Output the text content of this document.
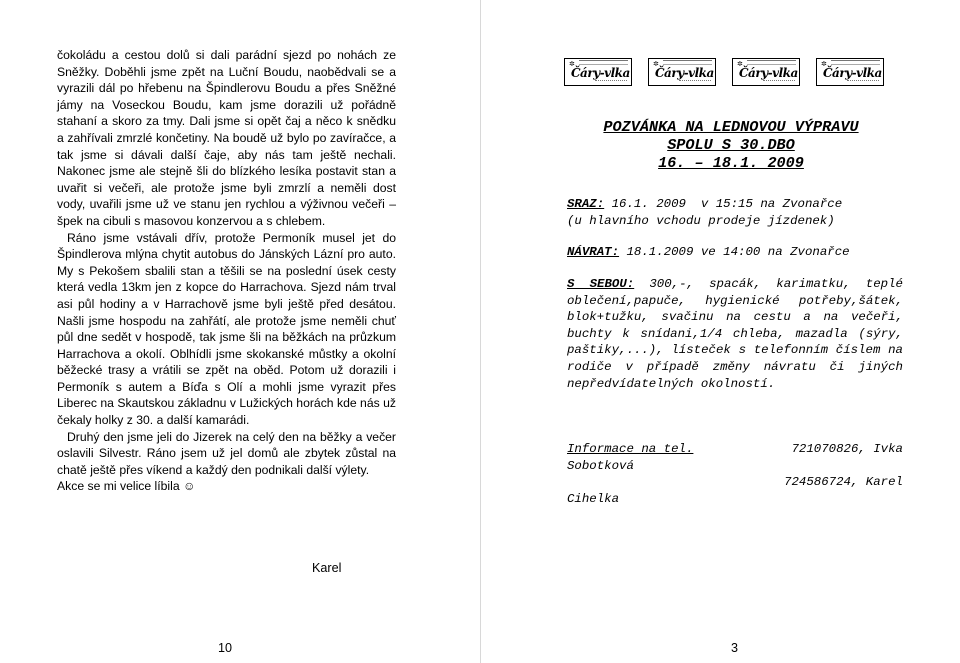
čokoládu a cestou dolů si dali parádní sjezd po nohách ze Sněžky. Doběhli jsme zpět na Luční Boudu, naobědvali se a vyrazili dál po hřebenu na Špindlerovu Boudu a přes Sněžné jámy na Voseckou Boudu, kam jsme dorazili už pořádně stahaní a skoro za tmy. Dali jsme si opět čaj a něco k snědku a zahřívali zmrzlé končetiny. Na boudě už bylo po zavíračce, a tak jsme si dávali další čaje, aby nás tam ještě nechali. Nakonec jsme ale stejně šli do blízkého lesíka postavit stan a uvařit si večeři, ale protože jsme byli zmrzlí a neměli dost vody, uvařili jsme už ve stanu jen rychlou a výživnou večeři – špek na cibuli s masovou konzervou a s chlebem.

Ráno jsme vstávali dřív, protože Permoník musel jet do Špindlerova mlýna chytit autobus do Jánských Lázní pro auto. My s Pekošem sbalili stan a těšili se na poslední úsek cesty která vedla 13km jen z kopce do Harrachova. Sjezd nám trval asi půl hodiny a v Harrachově jsme byli ještě před desátou. Našli jsme hospodu na zahřátí, ale protože jsme neměli chuť půl dne sedět v hospodě, tak jsme šli na běžkách na průzkum Harrachova a okolí. Oblhídli jsme skokanské můstky a okolní běžecké trasy a vrátili se zpět na oběd. Potom už dorazili i Permoník s autem a Bíďa s Olí a mohli jsme vyrazit přes Liberec na Skautskou základnu v Lužických horách kde nás už čekaly holky z 30. a další kamarádi.

Druhý den jsme jeli do Jizerek na celý den na běžky a večer oslavili Silvestr. Ráno jsem už jel domů ale zbytek zůstal na chatě ještě přes víkend a každý den podnikali další výlety.

Akce se mi velice líbila ☺

Karel
10
✲
Čáry-vlka
✲
Čáry-vlka
✲
Čáry-vlka
✲
Čáry-vlka
POZVÁNKA NA LEDNOVOU VÝPRAVU
SPOLU S 30.DBO
16. – 18.1. 2009
SRAZ: 16.1. 2009  v 15:15 na Zvonařce
(u hlavního vchodu prodeje jízdenek)
NÁVRAT: 18.1.2009 ve 14:00 na Zvonařce
S SEBOU: 300,-, spacák, karimatku, teplé oblečení,papuče, hygienické potřeby,šátek, blok+tužku, svačinu na cestu a na večeři, buchty k snídani,1/4 chleba, mazadla (sýry, paštiky,...), lísteček s telefonním číslem na rodiče v případě změny návratu či jiných nepředvídatelných okolností.
Informace na tel.	721070826, Ivka
Sobotková
724586724, Karel
Cihelka
3
